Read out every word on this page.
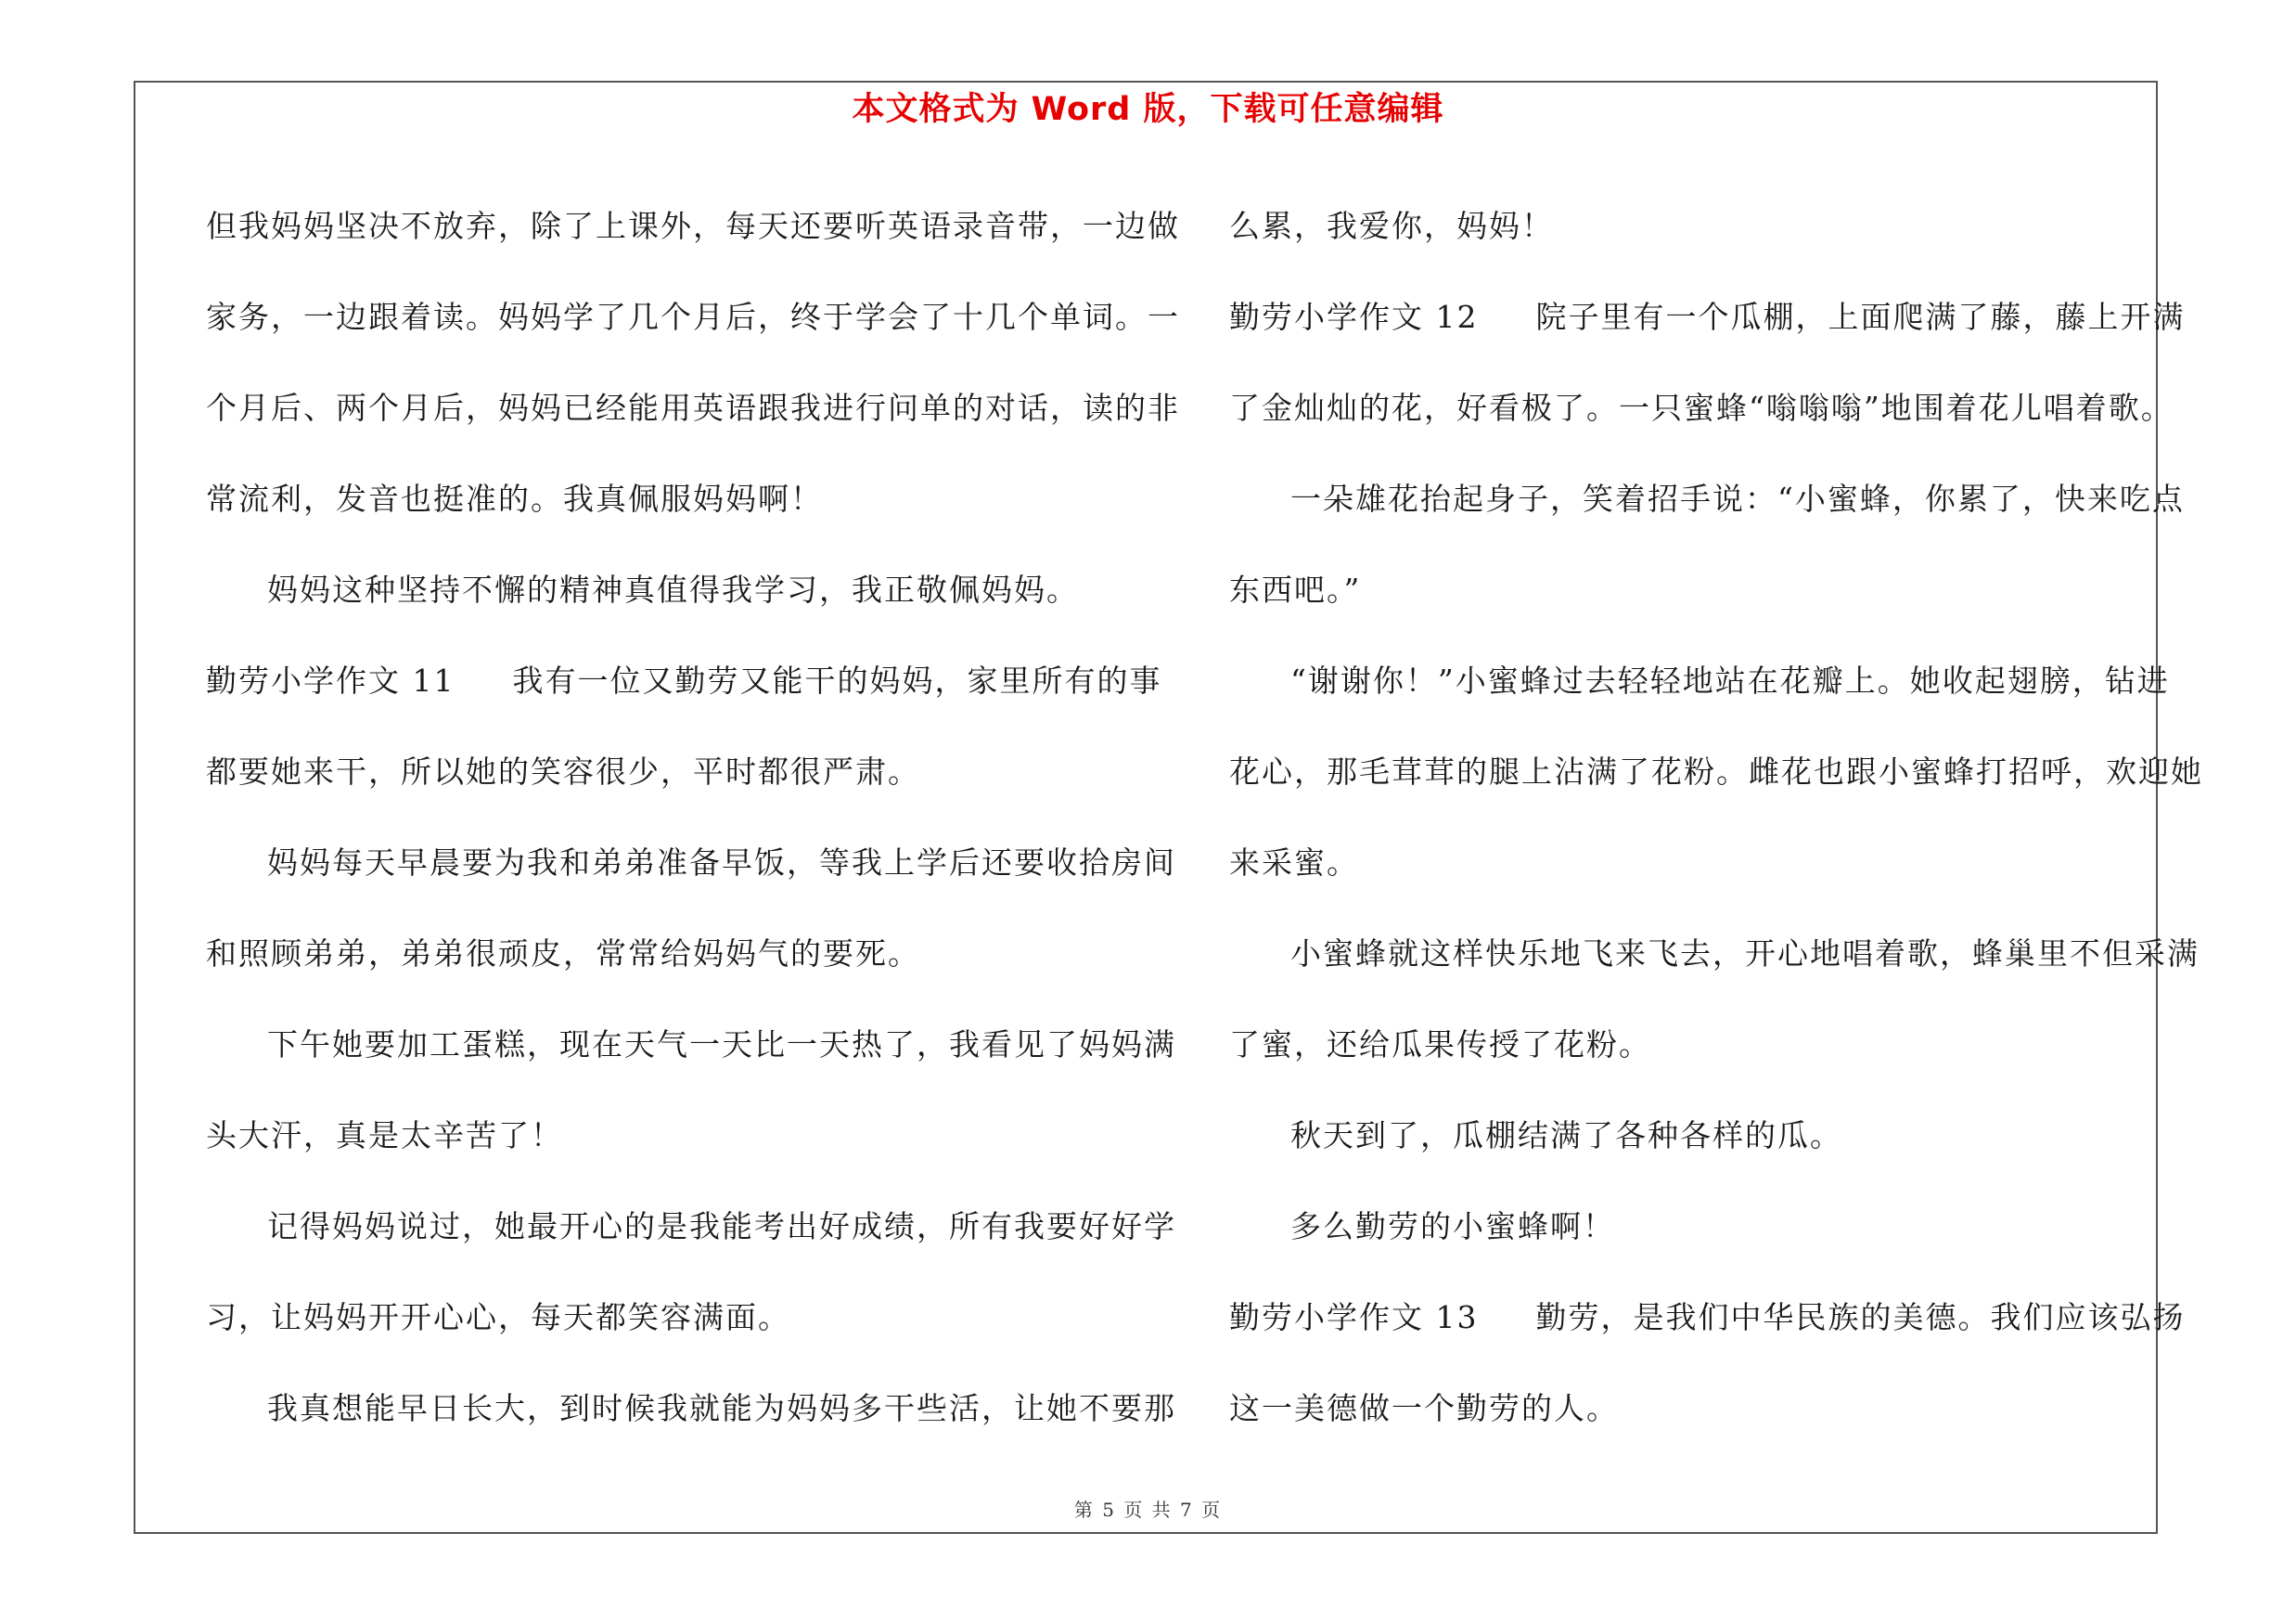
本文格式为 Word 版，下载可任意编辑
但我妈妈坚决不放弃，除了上课外，每天还要听英语录音带，一边做
家务，一边跟着读。妈妈学了几个月后，终于学会了十几个单词。一
个月后、两个月后，妈妈已经能用英语跟我进行问单的对话，读的非
常流利，发音也挺准的。我真佩服妈妈啊！
妈妈这种坚持不懈的精神真值得我学习，我正敬佩妈妈。
勤劳小学作文 11 我有一位又勤劳又能干的妈妈，家里所有的事
都要她来干，所以她的笑容很少，平时都很严肃。
妈妈每天早晨要为我和弟弟准备早饭，等我上学后还要收拾房间
和照顾弟弟，弟弟很顽皮，常常给妈妈气的要死。
下午她要加工蛋糕，现在天气一天比一天热了，我看见了妈妈满
头大汗，真是太辛苦了！
记得妈妈说过，她最开心的是我能考出好成绩，所有我要好好学
习，让妈妈开开心心，每天都笑容满面。
我真想能早日长大，到时候我就能为妈妈多干些活，让她不要那
么累，我爱你，妈妈！
勤劳小学作文 12 院子里有一个瓜棚，上面爬满了藤，藤上开满
了金灿灿的花，好看极了。一只蜜蜂“嗡嗡嗡”地围着花儿唱着歌。
一朵雄花抬起身子，笑着招手说：“小蜜蜂，你累了，快来吃点
东西吧。”
“谢谢你！”小蜜蜂过去轻轻地站在花瓣上。她收起翅膀，钻进
花心，那毛茸茸的腿上沾满了花粉。雌花也跟小蜜蜂打招呼，欢迎她
来采蜜。
小蜜蜂就这样快乐地飞来飞去，开心地唱着歌，蜂巢里不但采满
了蜜，还给瓜果传授了花粉。
秋天到了，瓜棚结满了各种各样的瓜。
多么勤劳的小蜜蜂啊！
勤劳小学作文 13 勤劳，是我们中华民族的美德。我们应该弘扬
这一美德做一个勤劳的人。
第 5 页 共 7 页
